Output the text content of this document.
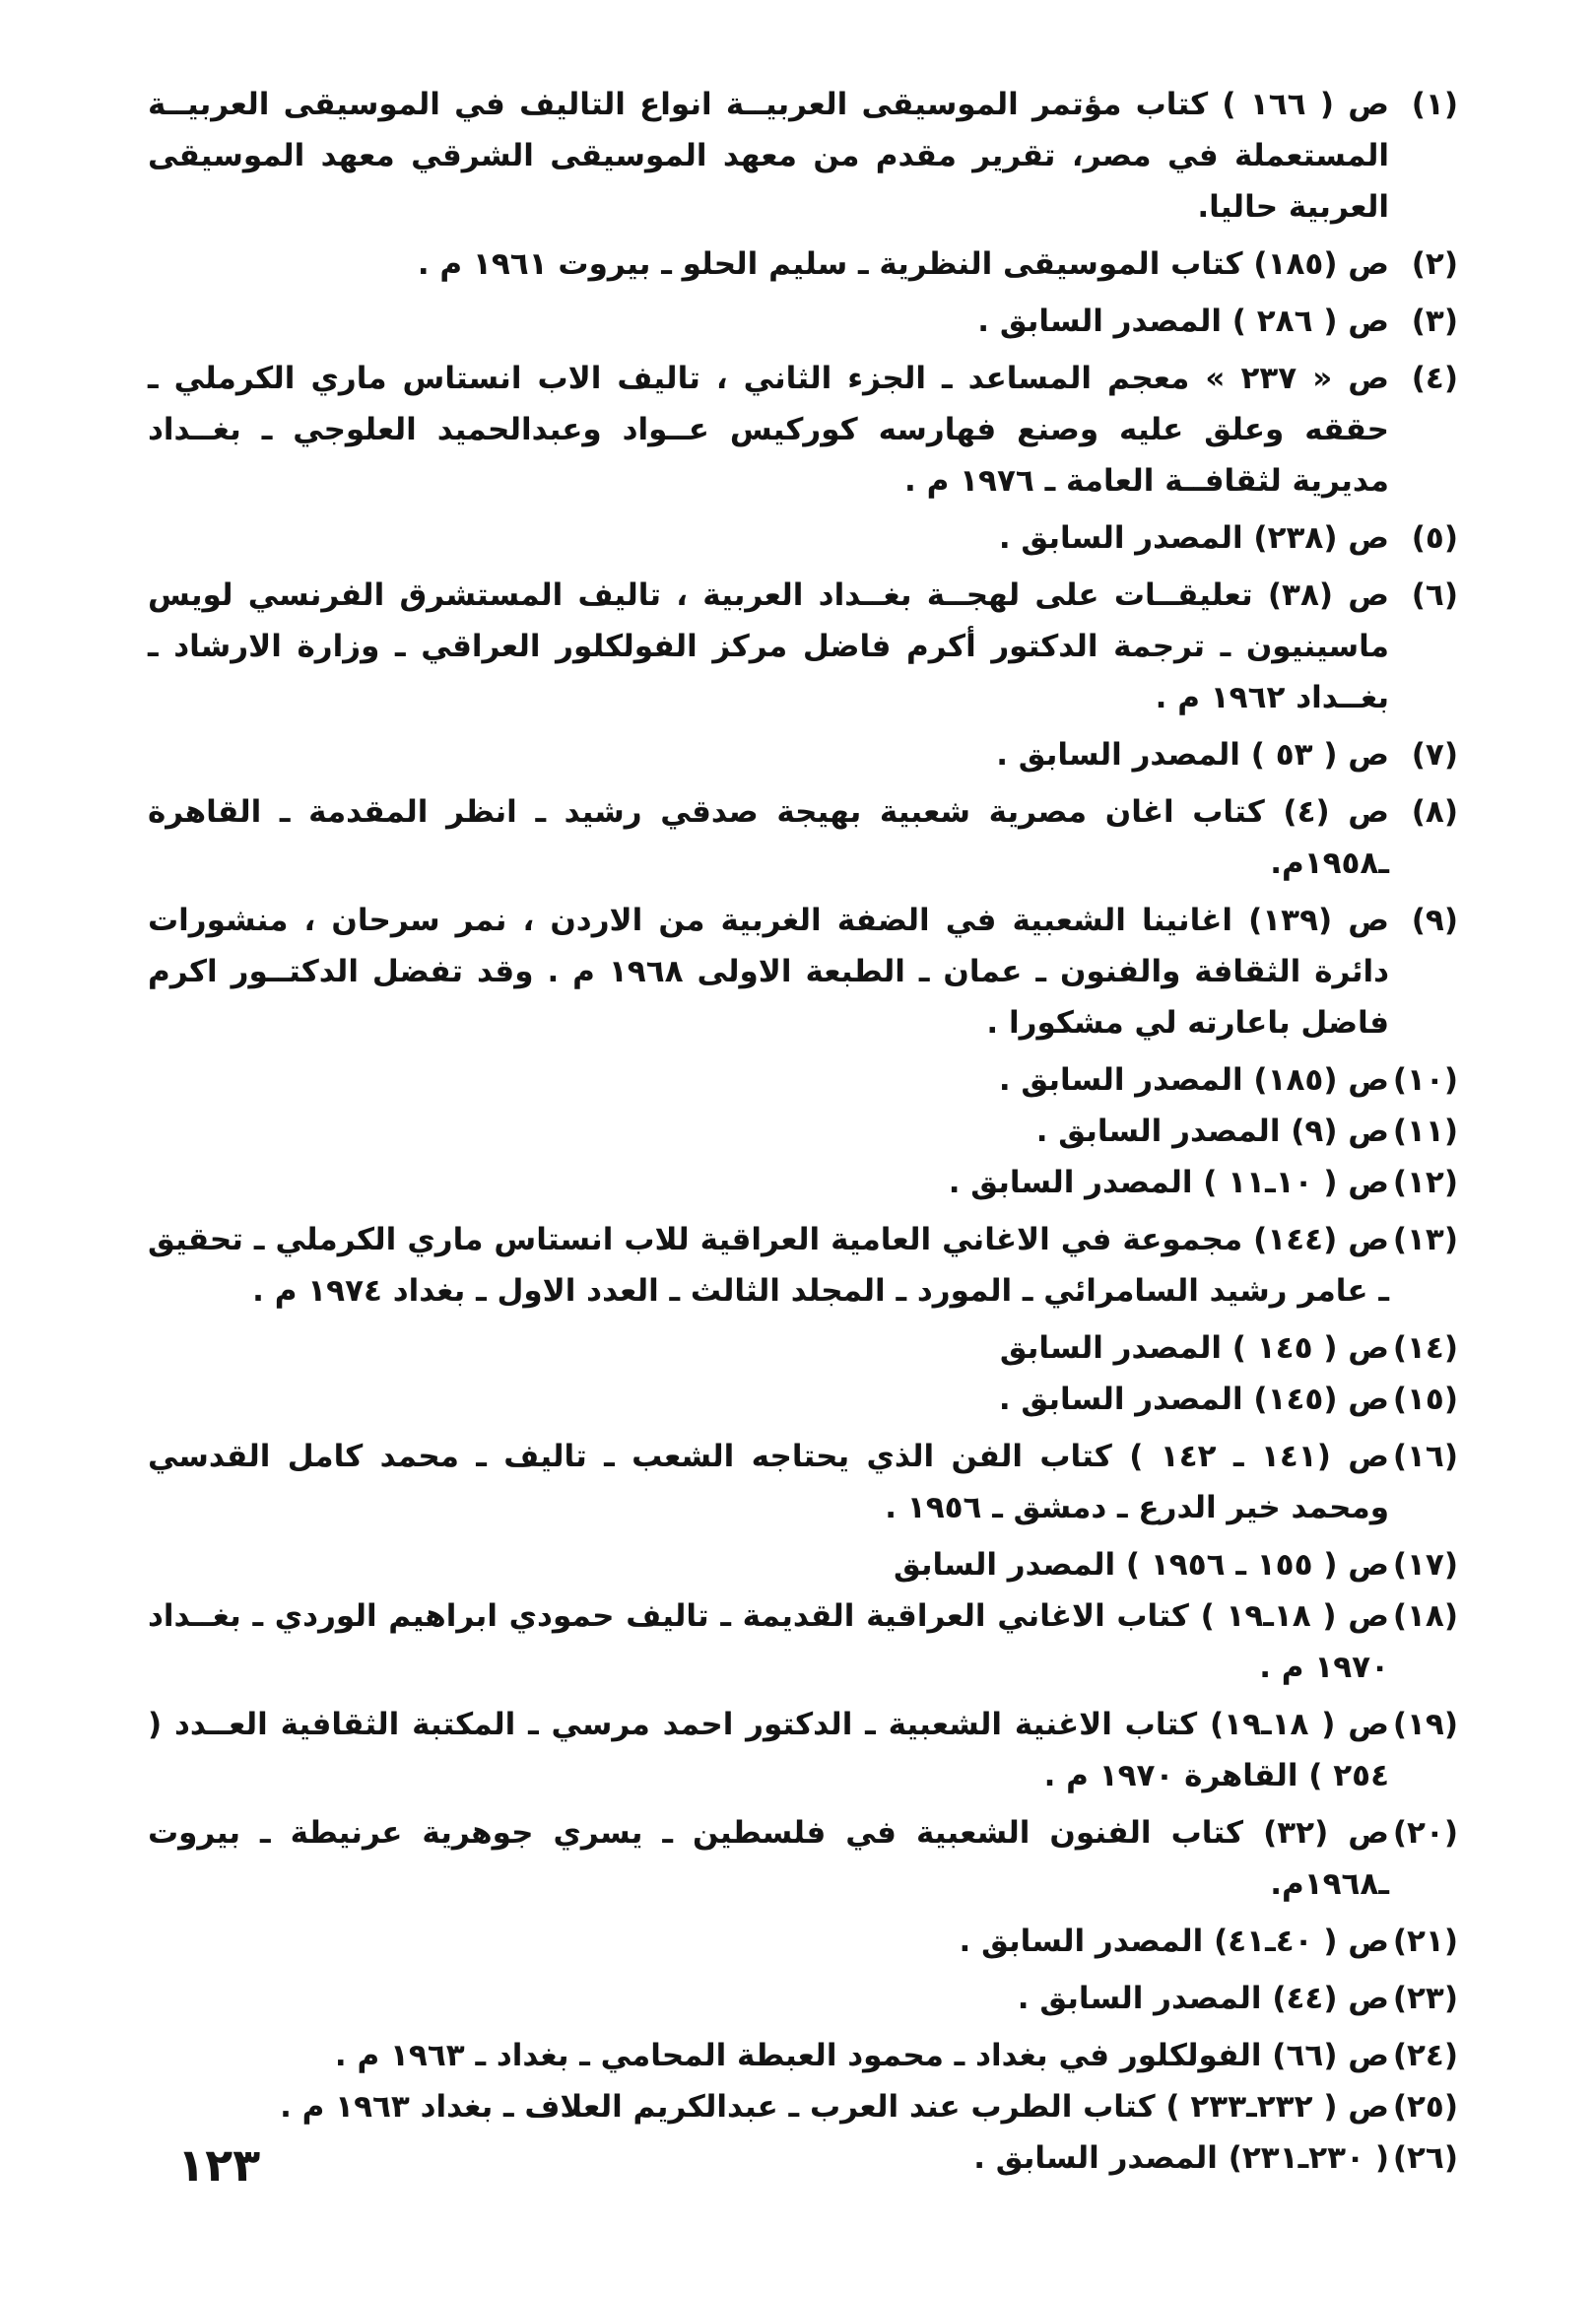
(١)
ص ( ١٦٦ ) كتاب مؤتمر الموسيقى العربيــة انواع التاليف في الموسيقى العربيــة المستعملة في مصر، تقرير مقدم من معهد الموسيقى الشرقي معهد الموسيقى العربية حاليا.
(٢)
ص (١٨٥) كتاب الموسيقى النظرية ـ سليم الحلو ـ بيروت ١٩٦١ م .
(٣)
ص ( ٢٨٦ ) المصدر السابق .
(٤)
ص « ٢٣٧ » معجم المساعد ـ الجزء الثاني ، تاليف الاب انستاس ماري الكرملي ـ حققه وعلق عليه وصنع فهارسه كوركيس عــواد وعبدالحميد العلوجي ـ بغــداد مديرية لثقافــة العامة ـ ١٩٧٦ م .
(٥)
ص (٢٣٨) المصدر السابق .
(٦)
ص (٣٨) تعليقــات على لهجــة بغــداد العربية ، تاليف المستشرق الفرنسي لويس ماسينيون ـ ترجمة الدكتور أكرم فاضل مركز الفولكلور العراقي ـ وزارة الارشاد ـ بغــداد ١٩٦٢ م .
(٧)
ص ( ٥٣ ) المصدر السابق .
(٨)
ص (٤) كتاب اغان مصرية شعبية بهيجة صدقي رشيد ـ انظر المقدمة ـ القاهرة ـ١٩٥٨م.
(٩)
ص (١٣٩) اغانينا الشعبية في الضفة الغربية من الاردن ، نمر سرحان ، منشورات دائرة الثقافة والفنون ـ عمان ـ الطبعة الاولى ١٩٦٨ م . وقد تفضل الدكتــور اكرم فاضل باعارته لي مشكورا .
(١٠)
ص (١٨٥) المصدر السابق .
(١١)
ص (٩) المصدر السابق .
(١٢)
ص ( ١٠ـ١١ ) المصدر السابق .
(١٣)
ص (١٤٤) مجموعة في الاغاني العامية العراقية للاب انستاس ماري الكرملي ـ تحقيق ـ عامر رشيد السامرائي ـ المورد ـ المجلد الثالث ـ العدد الاول ـ بغداد ١٩٧٤ م .
(١٤)
ص ( ١٤٥ ) المصدر السابق
(١٥)
ص (١٤٥) المصدر السابق .
(١٦)
ص (١٤١ ـ ١٤٢ ) كتاب الفن الذي يحتاجه الشعب ـ تاليف ـ محمد كامل القدسي ومحمد خير الدرع ـ دمشق ـ ١٩٥٦ .
(١٧)
ص ( ١٥٥ ـ ١٩٥٦ ) المصدر السابق
(١٨)
ص ( ١٨ـ١٩ ) كتاب الاغاني العراقية القديمة ـ تاليف حمودي ابراهيم الوردي ـ بغــداد ١٩٧٠ م .
(١٩)
ص ( ١٨ـ١٩) كتاب الاغنية الشعبية ـ الدكتور احمد مرسي ـ المكتبة الثقافية العــدد ( ٢٥٤ ) القاهرة ١٩٧٠ م .
(٢٠)
ص (٣٢) كتاب الفنون الشعبية في فلسطين ـ يسري جوهرية عرنيطة ـ بيروت ـ١٩٦٨م.
(٢١)
ص ( ٤٠ـ٤١) المصدر السابق .
(٢٣)
ص (٤٤) المصدر السابق .
(٢٤)
ص (٦٦) الفولكلور في بغداد ـ محمود العبطة المحامي ـ بغداد ـ ١٩٦٣ م .
(٢٥)
ص ( ٢٣٢ـ٢٣٣ ) كتاب الطرب عند العرب ـ عبدالكريم العلاف ـ بغداد ١٩٦٣ م .
(٢٦)
( ٢٣٠ـ٢٣١) المصدر السابق .
١٢٣
